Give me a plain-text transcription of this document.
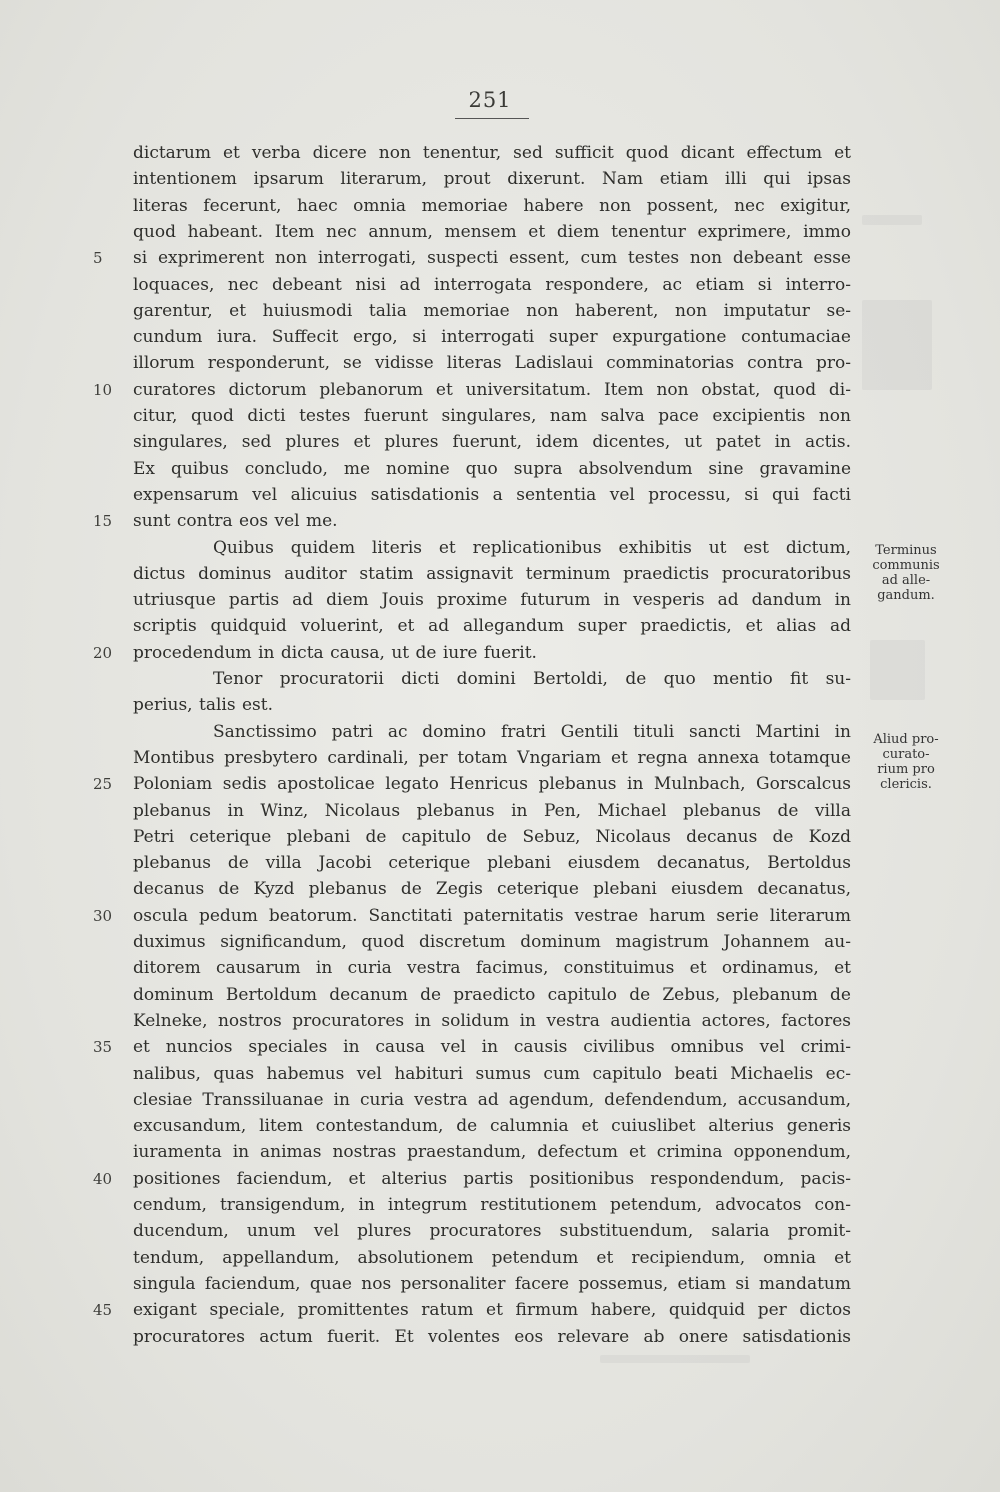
251
dictarum et verba dicere non tenentur, sed sufficit quod dicant effectum et
intentionem ipsarum literarum, prout dixerunt. Nam etiam illi qui ipsas
literas fecerunt, haec omnia memoriae habere non possent, nec exigitur,
quod habeant. Item nec annum, mensem et diem tenentur exprimere, immo
si exprimerent non interrogati, suspecti essent, cum testes non debeant esse
loquaces, nec debeant nisi ad interrogata respondere, ac etiam si interro-
garentur, et huiusmodi talia memoriae non haberent, non imputatur se-
cundum iura. Suffecit ergo, si interrogati super expurgatione contumaciae
illorum responderunt, se vidisse literas Ladislaui comminatorias contra pro-
curatores dictorum plebanorum et universitatum. Item non obstat, quod di-
citur, quod dicti testes fuerunt singulares, nam salva pace excipientis non
singulares, sed plures et plures fuerunt, idem dicentes, ut patet in actis.
Ex quibus concludo, me nomine quo supra absolvendum sine gravamine
expensarum vel alicuius satisdationis a sententia vel processu, si qui facti
sunt contra eos vel me.
Quibus quidem literis et replicationibus exhibitis ut est dictum,
dictus dominus auditor statim assignavit terminum praedictis procuratoribus
utriusque partis ad diem Jouis proxime futurum in vesperis ad dandum in
scriptis quidquid voluerint, et ad allegandum super praedictis, et alias ad
procedendum in dicta causa, ut de iure fuerit.
Tenor procuratorii dicti domini Bertoldi, de quo mentio fit su-
perius, talis est.
Sanctissimo patri ac domino fratri Gentili tituli sancti Martini in
Montibus presbytero cardinali, per totam Vngariam et regna annexa totamque
Poloniam sedis apostolicae legato Henricus plebanus in Mulnbach, Gorscalcus
plebanus in Winz, Nicolaus plebanus in Pen, Michael plebanus de villa
Petri ceterique plebani de capitulo de Sebuz, Nicolaus decanus de Kozd
plebanus de villa Jacobi ceterique plebani eiusdem decanatus, Bertoldus
decanus de Kyzd plebanus de Zegis ceterique plebani eiusdem decanatus,
oscula pedum beatorum. Sanctitati paternitatis vestrae harum serie literarum
duximus significandum, quod discretum dominum magistrum Johannem au-
ditorem causarum in curia vestra facimus, constituimus et ordinamus, et
dominum Bertoldum decanum de praedicto capitulo de Zebus, plebanum de
Kelneke, nostros procuratores in solidum in vestra audientia actores, factores
et nuncios speciales in causa vel in causis civilibus omnibus vel crimi-
nalibus, quas habemus vel habituri sumus cum capitulo beati Michaelis ec-
clesiae Transsiluanae in curia vestra ad agendum, defendendum, accusandum,
excusandum, litem contestandum, de calumnia et cuiuslibet alterius generis
iuramenta in animas nostras praestandum, defectum et crimina opponendum,
positiones faciendum, et alterius partis positionibus respondendum, pacis-
cendum, transigendum, in integrum restitutionem petendum, advocatos con-
ducendum, unum vel plures procuratores substituendum, salaria promit-
tendum, appellandum, absolutionem petendum et recipiendum, omnia et
singula faciendum, quae nos personaliter facere possemus, etiam si mandatum
exigant speciale, promittentes ratum et firmum habere, quidquid per dictos
procuratores actum fuerit. Et volentes eos relevare ab onere satisdationis
5
10
15
20
25
30
35
40
45
Terminus
communis
ad alle-
gandum.
Aliud pro-
curato-
rium pro
clericis.
